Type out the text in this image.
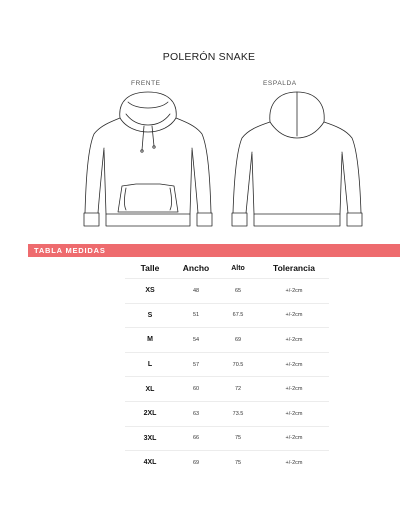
POLERÓN SNAKE
FRENTE	ESPALDA
TABLA MEDIDAS
Talle	Ancho	Alto	Tolerancia
XS	48	65	+/-2cm
S	51	67.5	+/-2cm
M	54	69	+/-2cm
L	57	70.5	+/-2cm
XL	60	72	+/-2cm
2XL	63	73.5	+/-2cm
3XL	66	75	+/-2cm
4XL	69	75	+/-2cm
